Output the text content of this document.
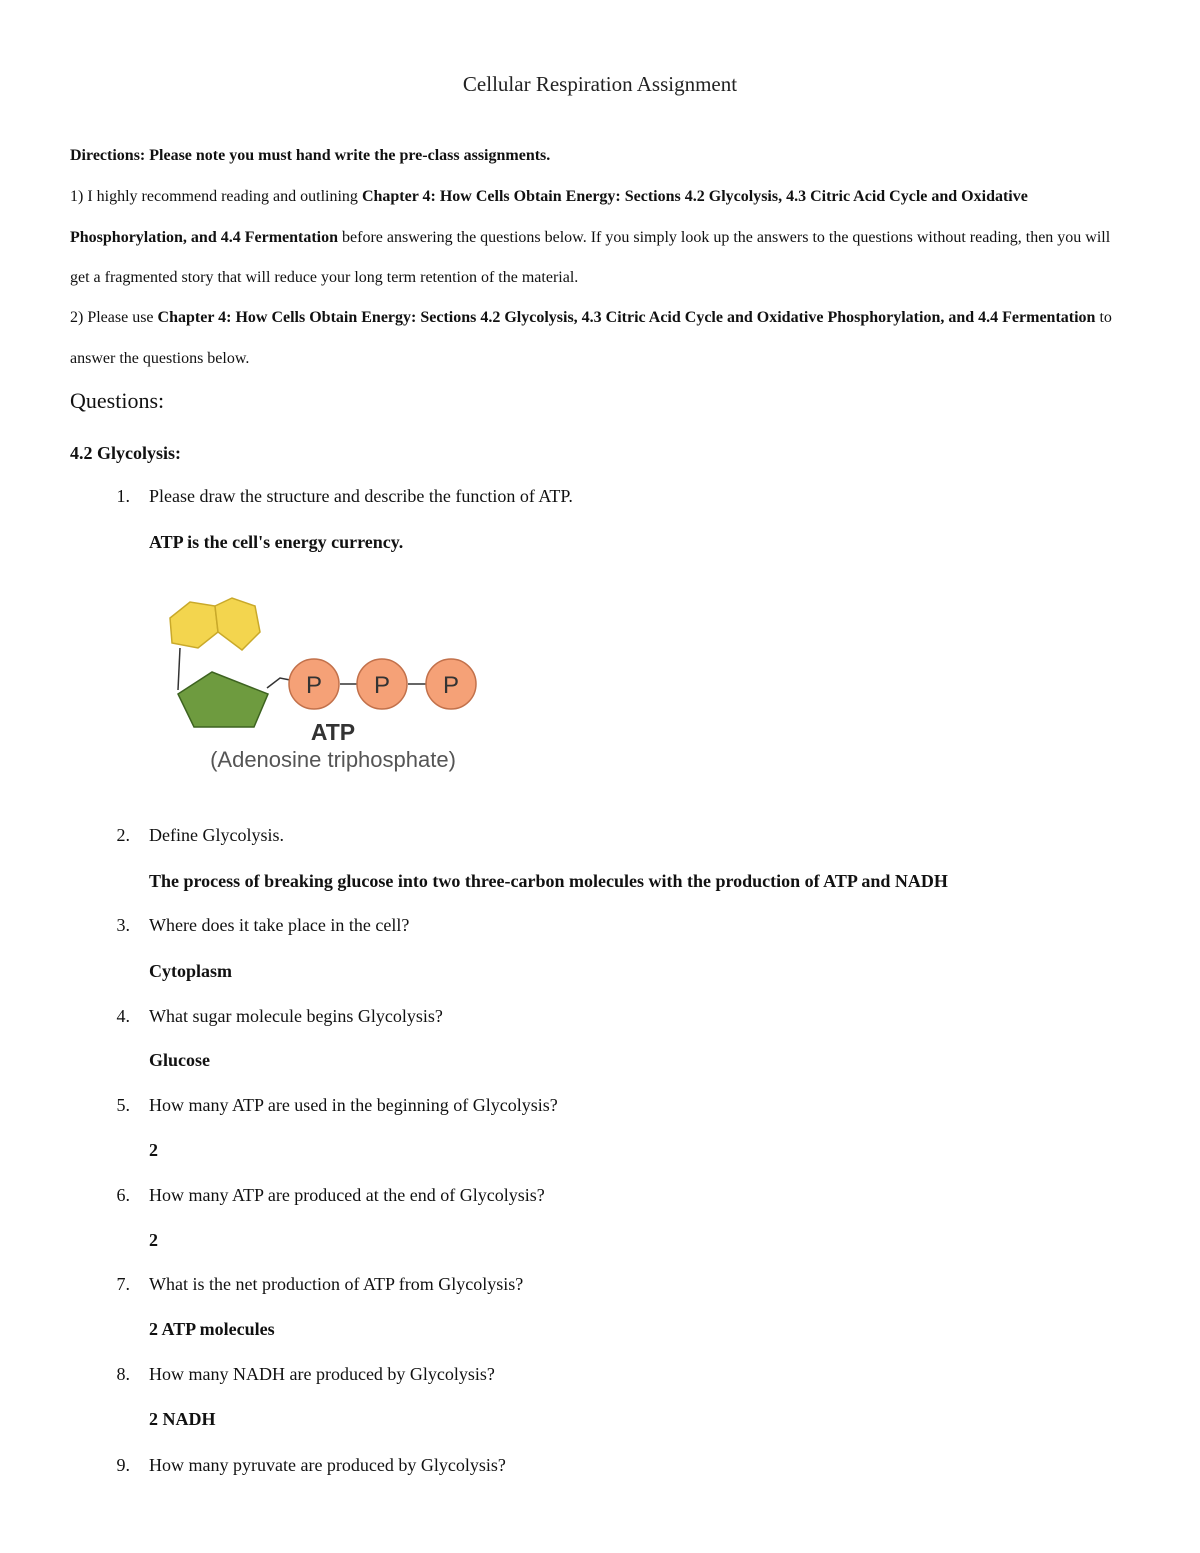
Cellular Respiration Assignment
Directions: Please note you must hand write the pre-class assignments.
1) I highly recommend reading and outlining Chapter 4: How Cells Obtain Energy: Sections 4.2 Glycolysis, 4.3 Citric Acid Cycle and Oxidative Phosphorylation, and 4.4 Fermentation before answering the questions below. If you simply look up the answers to the questions without reading, then you will get a fragmented story that will reduce your long term retention of the material.
2) Please use Chapter 4: How Cells Obtain Energy: Sections 4.2 Glycolysis, 4.3 Citric Acid Cycle and Oxidative Phosphorylation, and 4.4 Fermentation to answer the questions below.
Questions:
4.2 Glycolysis:
1. Please draw the structure and describe the function of ATP.
ATP is the cell's energy currency.
P P P
ATP
(Adenosine triphosphate)
2. Define Glycolysis.
The process of breaking glucose into two three-carbon molecules with the production of ATP and NADH
3. Where does it take place in the cell?
Cytoplasm
4. What sugar molecule begins Glycolysis?
Glucose
5. How many ATP are used in the beginning of Glycolysis?
2
6. How many ATP are produced at the end of Glycolysis?
2
7. What is the net production of ATP from Glycolysis?
2 ATP molecules
8. How many NADH are produced by Glycolysis?
2 NADH
9. How many pyruvate are produced by Glycolysis?
